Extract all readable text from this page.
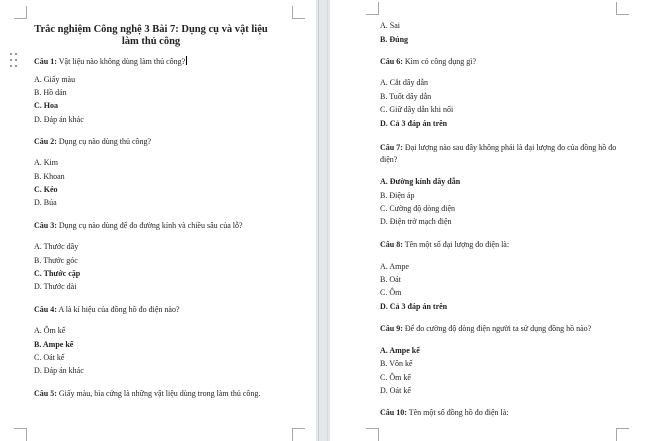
Trắc nghiệm Công nghệ 3 Bài 7: Dụng cụ và vật liệu
làm thủ công
Câu 1: Vật liệu nào không dùng làm thủ công?
A. Giấy màu
B. Hồ dán
C. Hoa
D. Đáp án khác
Câu 2: Dụng cụ nào dùng thủ công?
A. Kim
B. Khoan
C. Kéo
D. Búa
Câu 3: Dụng cụ nào dùng để đo đường kính và chiều sâu của lỗ?
A. Thước dây
B. Thước góc
C. Thước cặp
D. Thước dài
Câu 4: A là kí hiệu của đồng hồ đo điện nào?
A. Ôm kế
B. Ampe kế
C. Oát kế
D. Đáp án khác
Câu 5: Giấy màu, bìa cứng là những vật liệu dùng trong làm thủ công.
A. Sai
B. Đúng
Câu 6: Kìm có công dụng gì?
A. Cắt dây dẫn
B. Tuốt dây dẫn
C. Giữ dây dẫn khi nối
D. Cả 3 đáp án trên
Câu 7: Đại lượng nào sau đây không phải là đại lượng đo của đồng hồ đo
điện?
A. Đường kính dây dẫn
B. Điện áp
C. Cường độ dòng điện
D. Điện trở mạch điện
Câu 8: Tên một số đại lượng đo điện là:
A. Ampe
B. Oát
C. Ôm
D. Cả 3 đáp án trên
Câu 9: Để đo cường độ dòng điện người ta sử dụng đồng hồ nào?
A. Ampe kế
B. Vôn kế
C. Ôm kế
D. Oát kế
Câu 10: Tên một số đồng hồ đo điện là:
